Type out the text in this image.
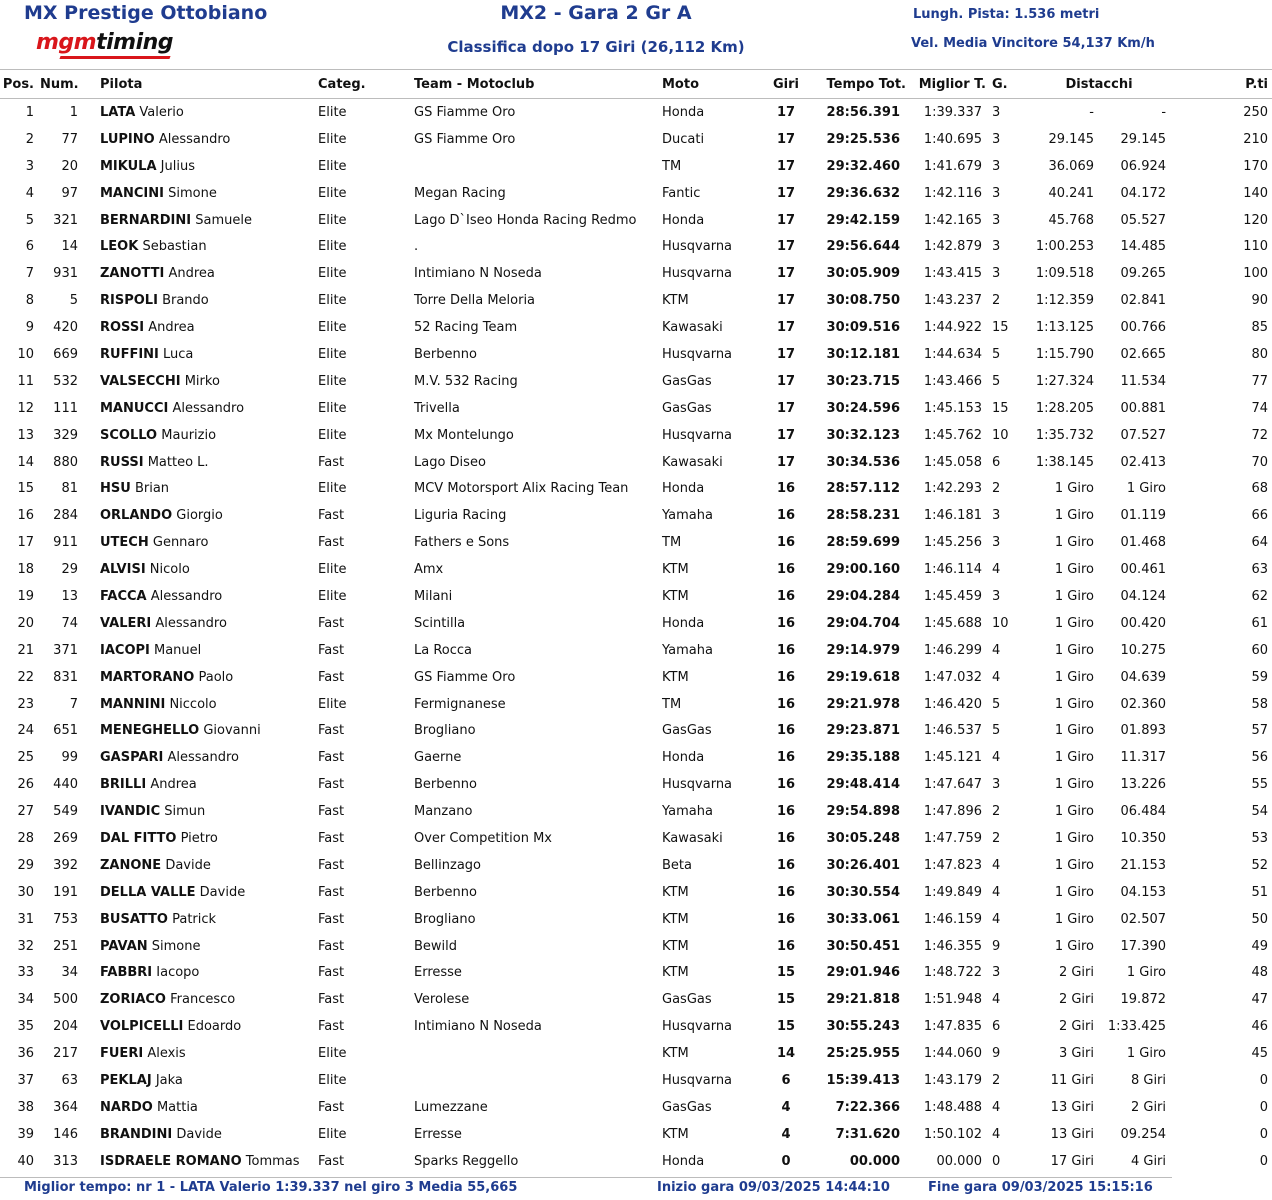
MX Prestige Ottobiano
mgmtiming
MX2 - Gara 2 Gr A
Classifica dopo 17 Giri (26,112 Km)
Lungh. Pista: 1.536 metri
Vel. Media Vincitore 54,137 Km/h
Pos.	Num.	Pilota	Categ.	Team - Motoclub	Moto	Giri	Tempo Tot.	Miglior T.	G.	Distacchi		P.ti
1	1	LATA Valerio	Elite	GS Fiamme Oro	Honda	17	28:56.391	1:39.337	3	-	-	250
2	77	LUPINO Alessandro	Elite	GS Fiamme Oro	Ducati	17	29:25.536	1:40.695	3	29.145	29.145	210
3	20	MIKULA Julius	Elite		TM	17	29:32.460	1:41.679	3	36.069	06.924	170
4	97	MANCINI Simone	Elite	Megan Racing	Fantic	17	29:36.632	1:42.116	3	40.241	04.172	140
5	321	BERNARDINI Samuele	Elite	Lago D`Iseo Honda Racing Redmo	Honda	17	29:42.159	1:42.165	3	45.768	05.527	120
6	14	LEOK Sebastian	Elite	.	Husqvarna	17	29:56.644	1:42.879	3	1:00.253	14.485	110
7	931	ZANOTTI Andrea	Elite	Intimiano N Noseda	Husqvarna	17	30:05.909	1:43.415	3	1:09.518	09.265	100
8	5	RISPOLI Brando	Elite	Torre Della Meloria	KTM	17	30:08.750	1:43.237	2	1:12.359	02.841	90
9	420	ROSSI Andrea	Elite	52 Racing Team	Kawasaki	17	30:09.516	1:44.922	15	1:13.125	00.766	85
10	669	RUFFINI Luca	Elite	Berbenno	Husqvarna	17	30:12.181	1:44.634	5	1:15.790	02.665	80
11	532	VALSECCHI Mirko	Elite	M.V. 532 Racing	GasGas	17	30:23.715	1:43.466	5	1:27.324	11.534	77
12	111	MANUCCI Alessandro	Elite	Trivella	GasGas	17	30:24.596	1:45.153	15	1:28.205	00.881	74
13	329	SCOLLO Maurizio	Elite	Mx Montelungo	Husqvarna	17	30:32.123	1:45.762	10	1:35.732	07.527	72
14	880	RUSSI Matteo L.	Fast	Lago Diseo	Kawasaki	17	30:34.536	1:45.058	6	1:38.145	02.413	70
15	81	HSU Brian	Elite	MCV Motorsport Alix Racing Tean	Honda	16	28:57.112	1:42.293	2	1 Giro	1 Giro	68
16	284	ORLANDO Giorgio	Fast	Liguria Racing	Yamaha	16	28:58.231	1:46.181	3	1 Giro	01.119	66
17	911	UTECH Gennaro	Fast	Fathers e Sons	TM	16	28:59.699	1:45.256	3	1 Giro	01.468	64
18	29	ALVISI Nicolo	Elite	Amx	KTM	16	29:00.160	1:46.114	4	1 Giro	00.461	63
19	13	FACCA Alessandro	Elite	Milani	KTM	16	29:04.284	1:45.459	3	1 Giro	04.124	62
20	74	VALERI Alessandro	Fast	Scintilla	Honda	16	29:04.704	1:45.688	10	1 Giro	00.420	61
21	371	IACOPI Manuel	Fast	La Rocca	Yamaha	16	29:14.979	1:46.299	4	1 Giro	10.275	60
22	831	MARTORANO Paolo	Fast	GS Fiamme Oro	KTM	16	29:19.618	1:47.032	4	1 Giro	04.639	59
23	7	MANNINI Niccolo	Elite	Fermignanese	TM	16	29:21.978	1:46.420	5	1 Giro	02.360	58
24	651	MENEGHELLO Giovanni	Fast	Brogliano	GasGas	16	29:23.871	1:46.537	5	1 Giro	01.893	57
25	99	GASPARI Alessandro	Fast	Gaerne	Honda	16	29:35.188	1:45.121	4	1 Giro	11.317	56
26	440	BRILLI Andrea	Fast	Berbenno	Husqvarna	16	29:48.414	1:47.647	3	1 Giro	13.226	55
27	549	IVANDIC Simun	Fast	Manzano	Yamaha	16	29:54.898	1:47.896	2	1 Giro	06.484	54
28	269	DAL FITTO Pietro	Fast	Over Competition Mx	Kawasaki	16	30:05.248	1:47.759	2	1 Giro	10.350	53
29	392	ZANONE Davide	Fast	Bellinzago	Beta	16	30:26.401	1:47.823	4	1 Giro	21.153	52
30	191	DELLA VALLE Davide	Fast	Berbenno	KTM	16	30:30.554	1:49.849	4	1 Giro	04.153	51
31	753	BUSATTO Patrick	Fast	Brogliano	KTM	16	30:33.061	1:46.159	4	1 Giro	02.507	50
32	251	PAVAN Simone	Fast	Bewild	KTM	16	30:50.451	1:46.355	9	1 Giro	17.390	49
33	34	FABBRI Iacopo	Fast	Erresse	KTM	15	29:01.946	1:48.722	3	2 Giri	1 Giro	48
34	500	ZORIACO Francesco	Fast	Verolese	GasGas	15	29:21.818	1:51.948	4	2 Giri	19.872	47
35	204	VOLPICELLI Edoardo	Fast	Intimiano N Noseda	Husqvarna	15	30:55.243	1:47.835	6	2 Giri	1:33.425	46
36	217	FUERI Alexis	Elite		KTM	14	25:25.955	1:44.060	9	3 Giri	1 Giro	45
37	63	PEKLAJ Jaka	Elite		Husqvarna	6	15:39.413	1:43.179	2	11 Giri	8 Giri	0
38	364	NARDO Mattia	Fast	Lumezzane	GasGas	4	7:22.366	1:48.488	4	13 Giri	2 Giri	0
39	146	BRANDINI Davide	Elite	Erresse	KTM	4	7:31.620	1:50.102	4	13 Giri	09.254	0
40	313	ISDRAELE ROMANO Tommas	Fast	Sparks Reggello	Honda	0	00.000	00.000	0	17 Giri	4 Giri	0
Miglior tempo: nr 1 - LATA Valerio 1:39.337 nel giro 3 Media 55,665	Inizio gara 09/03/2025 14:44:10	Fine gara 09/03/2025 15:15:16
